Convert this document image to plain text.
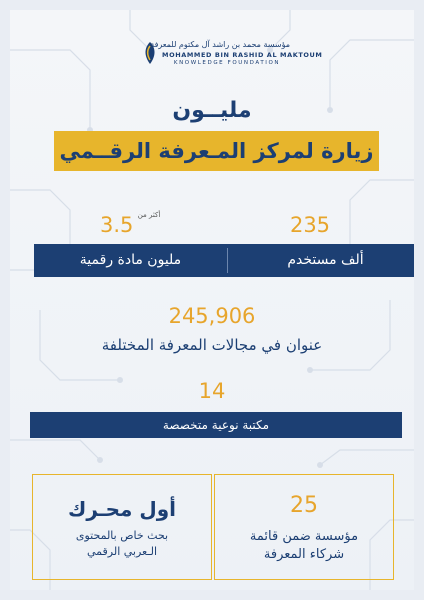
مؤسسة محمد بن راشد آل مكتوم للمعرفة
MOHAMMED BIN RASHID AL MAKTOUM
KNOWLEDGE FOUNDATION
مليــون
زيارة لمركز المـعرفة الرقــمي
235
3.5 أكثر من
ألف مستخدم
مليون مادة رقمية
245,906
عنوان في مجالات المعرفة المختلفة
14
مكتبة نوعية متخصصة
أول محـرك
بحث خاص بالمحتوى
الـعربي الرقمي
25
مؤسسة ضمن قائمة
شركاء المعرفة
